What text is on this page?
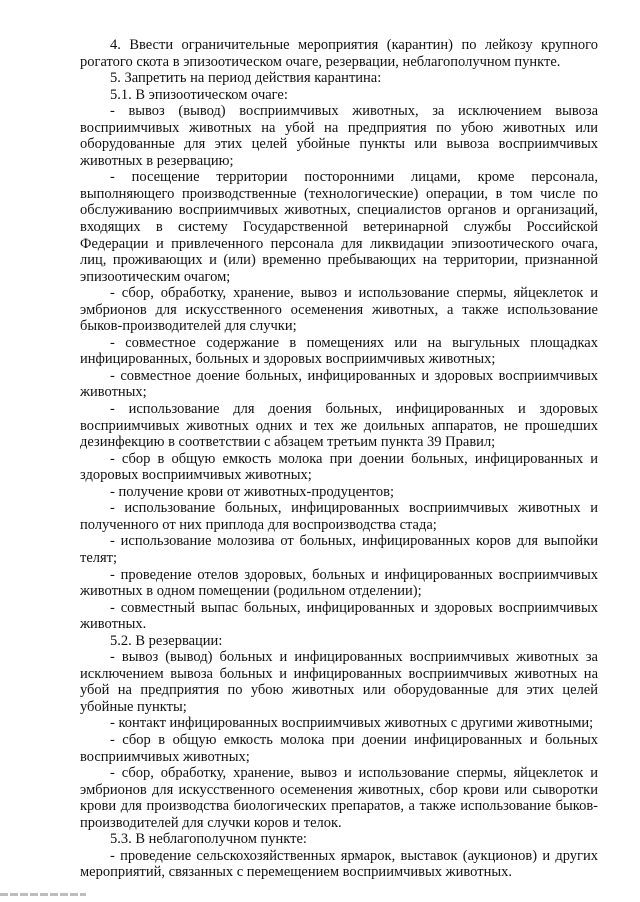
4. Ввести ограничительные мероприятия (карантин) по лейкозу крупного рогатого скота в эпизоотическом очаге, резервации, неблагополучном пункте.

5. Запретить на период действия карантина:

5.1. В эпизоотическом очаге:

- вывоз (вывод) восприимчивых животных, за исключением вывоза восприимчивых животных на убой на предприятия по убою животных или оборудованные для этих целей убойные пункты или вывоза восприимчивых животных в резервацию;

- посещение территории посторонними лицами, кроме персонала, выполняющего производственные (технологические) операции, в том числе по обслуживанию восприимчивых животных, специалистов органов и организаций, входящих в систему Государственной ветеринарной службы Российской Федерации и привлеченного персонала для ликвидации эпизоотического очага, лиц, проживающих и (или) временно пребывающих на территории, признанной эпизоотическим очагом;

- сбор, обработку, хранение, вывоз и использование спермы, яйцеклеток и эмбрионов для искусственного осеменения животных, а также использование быков-производителей для случки;

- совместное содержание в помещениях или на выгульных площадках инфицированных, больных и здоровых восприимчивых животных;

- совместное доение больных, инфицированных и здоровых восприимчивых животных;

- использование для доения больных, инфицированных и здоровых восприимчивых животных одних и тех же доильных аппаратов, не прошедших дезинфекцию в соответствии с абзацем третьим пункта 39 Правил;

- сбор в общую емкость молока при доении больных, инфицированных и здоровых восприимчивых животных;

- получение крови от животных-продуцентов;

- использование больных, инфицированных восприимчивых животных и полученного от них приплода для воспроизводства стада;

- использование молозива от больных, инфицированных коров для выпойки телят;

- проведение отелов здоровых, больных и инфицированных восприимчивых животных в одном помещении (родильном отделении);

- совместный выпас больных, инфицированных и здоровых восприимчивых животных.

5.2. В резервации:

- вывоз (вывод) больных и инфицированных восприимчивых животных за исключением вывоза больных и инфицированных восприимчивых животных на убой на предприятия по убою животных или оборудованные для этих целей убойные пункты;

- контакт инфицированных восприимчивых животных с другими животными;

- сбор в общую емкость молока при доении инфицированных и больных восприимчивых животных;

- сбор, обработку, хранение, вывоз и использование спермы, яйцеклеток и эмбрионов для искусственного осеменения животных, сбор крови или сыворотки крови для производства биологических препаратов, а также использование быков-производителей для случки коров и телок.

5.3. В неблагополучном пункте:

- проведение сельскохозяйственных ярмарок, выставок (аукционов) и других мероприятий, связанных с перемещением восприимчивых животных.
